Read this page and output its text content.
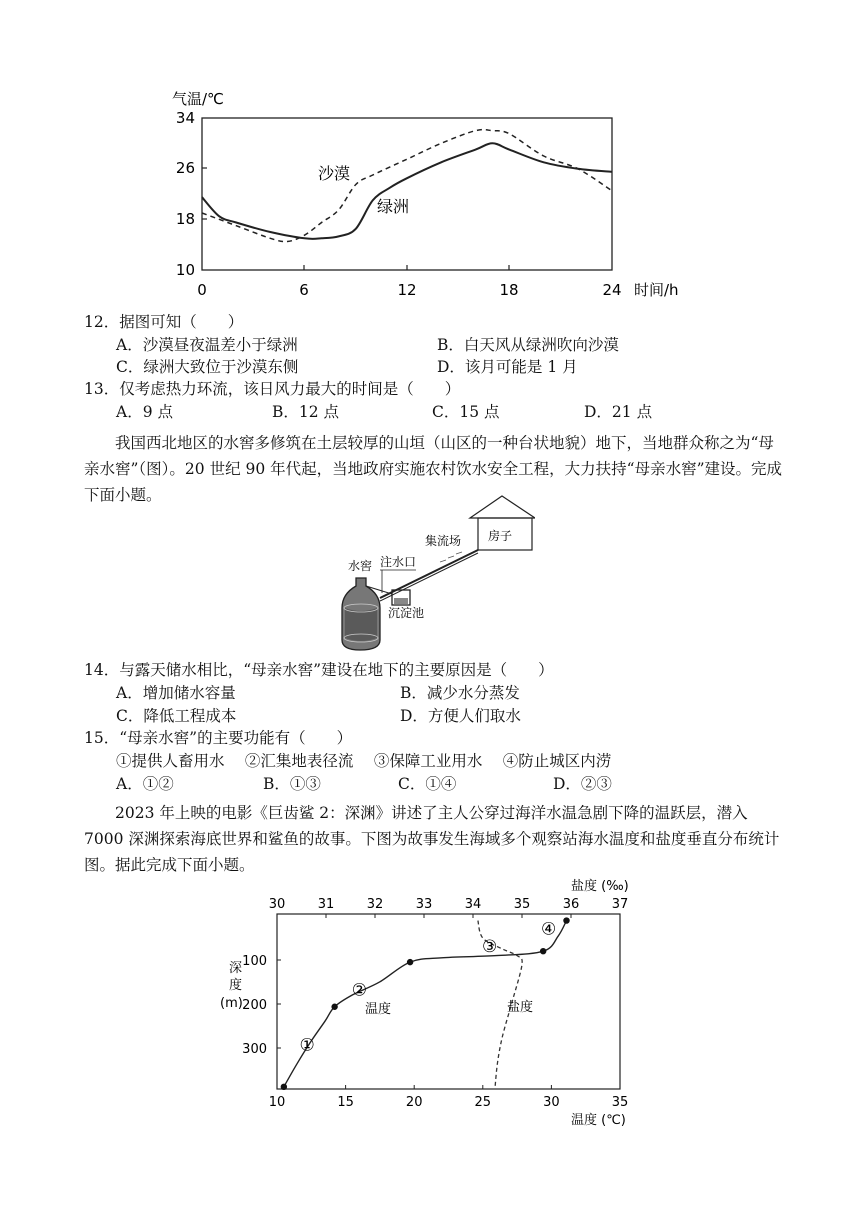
气温/℃
34
26
18
10
0	6	12	18	24 时间/h
沙漠
绿洲
12．据图可知（　　）
A．沙漠昼夜温差小于绿洲	B．白天风从绿洲吹向沙漠
C．绿洲大致位于沙漠东侧	D．该月可能是 1 月
13．仅考虑热力环流，该日风力最大的时间是（　　）
A．9 点	B．12 点	C．15 点	D．21 点
我国西北地区的水窖多修筑在土层较厚的山垣（山区的一种台状地貌）地下，当地群众称之为“母亲水窖”（图）。20 世纪 90 年代起，当地政府实施农村饮水安全工程，大力扶持“母亲水窖”建设。完成下面小题。
房子
集流场
注水口
水窖
沉淀池
14．与露天储水相比，“母亲水窖”建设在地下的主要原因是（　　）
A．增加储水容量	B．减少水分蒸发
C．降低工程成本	D．方便人们取水
15．“母亲水窖”的主要功能有（　　）
①提供人畜用水　 ②汇集地表径流　 ③保障工业用水　 ④防止城区内涝
A．①②	B．①③	C．①④	D．②③
2023 年上映的电影《巨齿鲨 2：深渊》讲述了主人公穿过海洋水温急剧下降的温跃层，潜入 7000 深渊探索海底世界和鲨鱼的故事。下图为故事发生海域多个观察站海水温度和盐度垂直分布统计图。据此完成下面小题。
盐度 (‰)
30 31 32 33 34 35 36 37
10	15	20	25	30	35
100
200
300
深
度
(m)
温度 (℃)
温度	盐度
①
②
③
④
